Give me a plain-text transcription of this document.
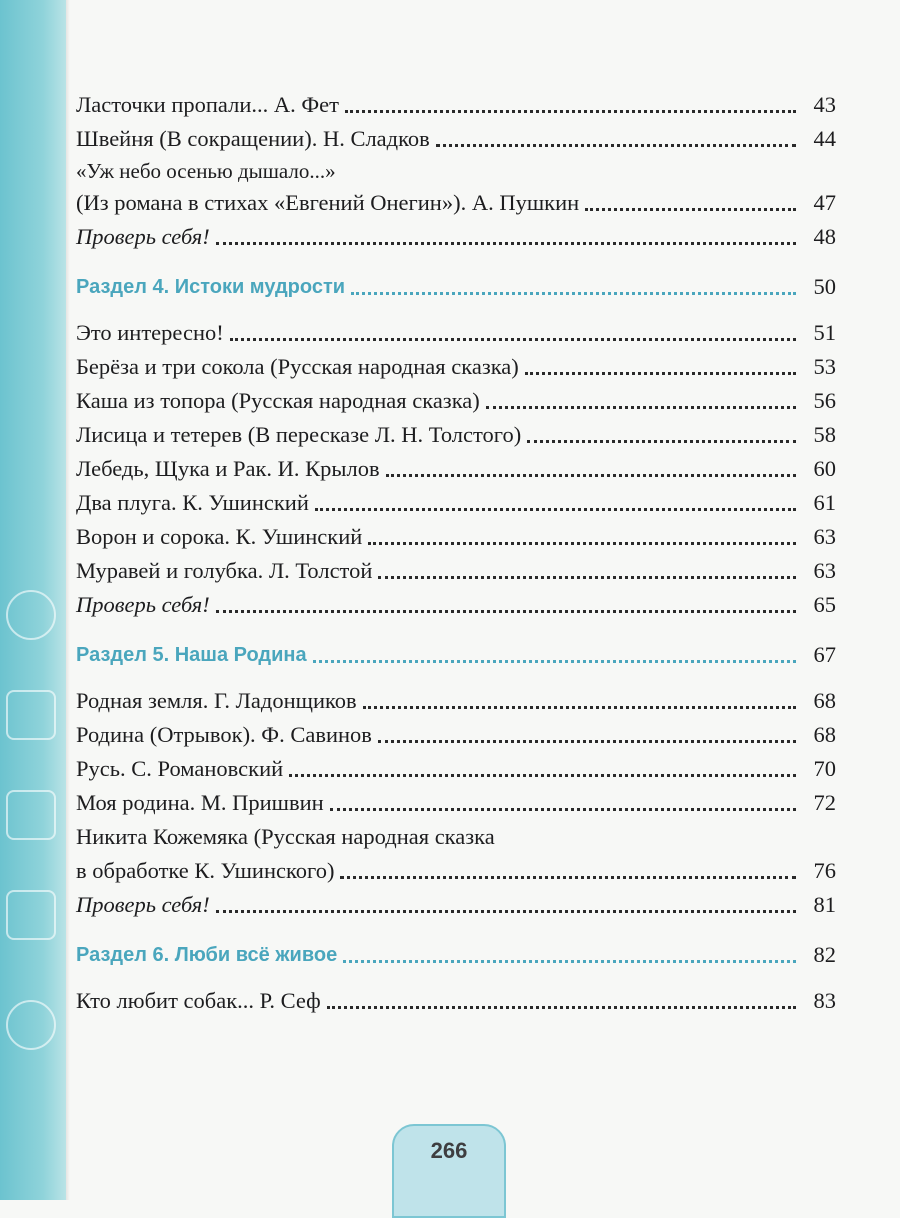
Ласточки пропали... А. Фет	43
Швейня (В сокращении). Н. Сладков	44
«Уж небо осенью дышало...»
(Из романа в стихах «Евгений Онегин»). А. Пушкин	47
Проверь себя!	48
Раздел 4. Истоки мудрости	50
Это интересно!	51
Берёза и три сокола (Русская народная сказка)	53
Каша из топора (Русская народная сказка)	56
Лисица и тетерев (В пересказе Л. Н. Толстого)	58
Лебедь, Щука и Рак. И. Крылов	60
Два плуга. К. Ушинский	61
Ворон и сорока. К. Ушинский	63
Муравей и голубка. Л. Толстой	63
Проверь себя!	65
Раздел 5. Наша Родина	67
Родная земля. Г. Ладонщиков	68
Родина (Отрывок). Ф. Савинов	68
Русь. С. Романовский	70
Моя родина. М. Пришвин	72
Никита Кожемяка (Русская народная сказка
в обработке К. Ушинского)	76
Проверь себя!	81
Раздел 6. Люби всё живое	82
Кто любит собак... Р. Сеф	83
266
